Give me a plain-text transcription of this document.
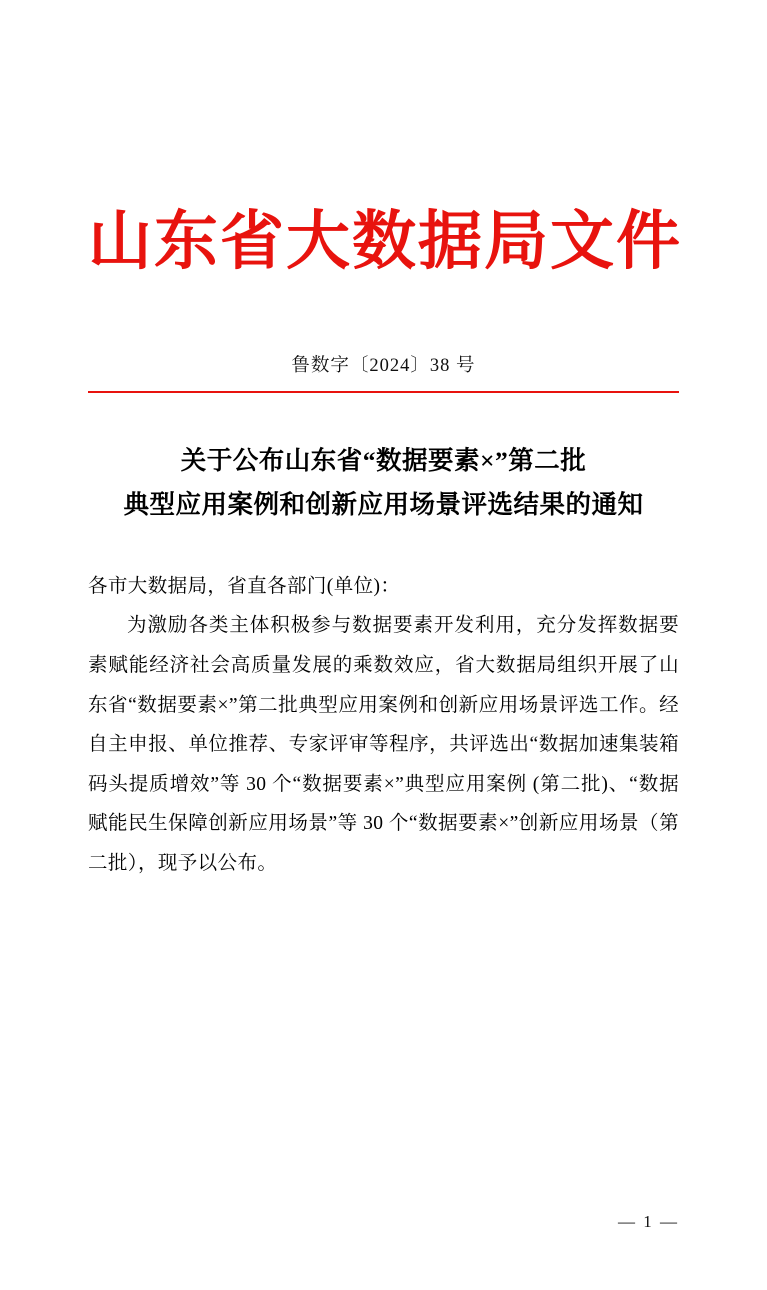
山东省大数据局文件
鲁数字〔2024〕38 号
关于公布山东省“数据要素×”第二批
典型应用案例和创新应用场景评选结果的通知

各市大数据局，省直各部门(单位)：

为激励各类主体积极参与数据要素开发利用，充分发挥数据要素赋能经济社会高质量发展的乘数效应，省大数据局组织开展了山东省“数据要素×”第二批典型应用案例和创新应用场景评选工作。经自主申报、单位推荐、专家评审等程序，共评选出“数据加速集装箱码头提质增效”等 30 个“数据要素×”典型应用案例 (第二批)、“数据赋能民生保障创新应用场景”等 30 个“数据要素×”创新应用场景（第二批），现予以公布。

— 1 —
